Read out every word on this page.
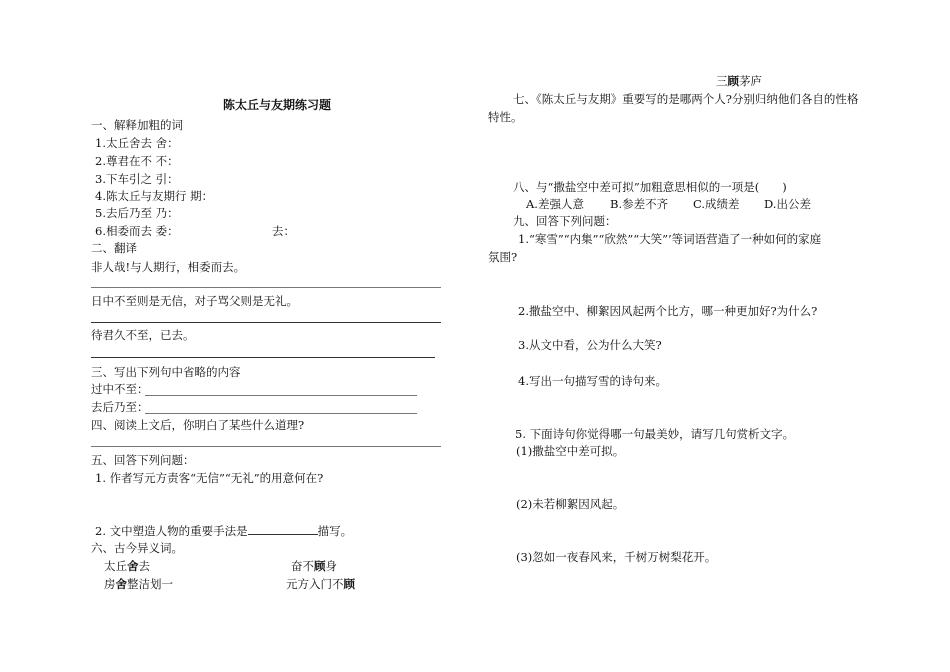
陈太丘与友期练习题
一、解释加粗的词
1.太丘舍去 舍：
2.尊君在不 不：
3.下车引之 引：
4.陈太丘与友期行 期：
5.去后乃至 乃：
6.相委而去 委：	去：
二、翻译
非人哉!与人期行，相委而去。
日中不至则是无信，对子骂父则是无礼。
待君久不至，已去。
三、写出下列句中省略的内容
过中不至：
去后乃至：
四、阅读上文后，你明白了某些什么道理?
五、回答下列问题：
1. 作者写元方责客“无信”“无礼”的用意何在?
2. 文中塑造人物的重要手法是	描写。
六、古今异义词。
太丘舍去	奋不顾身
房舍整洁划一	元方入门不顾
三顾茅庐
七、《陈太丘与友期》重要写的是哪两个人?分别归纳他们各自的性格
特性。
八、与“撒盐空中差可拟”加粗意思相似的一项是(　　)
A.差强人意 B.参差不齐 C.成绩差 D.出公差
九、回答下列问题：
1.“寒雪”“内集”“欣然”“大笑”’等词语营造了一种如何的家庭
氛围?
2.撒盐空中、柳絮因风起两个比方，哪一种更加好?为什么?
3.从文中看，公为什么大笑?
4.写出一句描写雪的诗句来。
5. 下面诗句你觉得哪一句最美妙，请写几句赏析文字。
(1)撒盐空中差可拟。
(2)未若柳絮因风起。
(3)忽如一夜春风来，千树万树梨花开。
